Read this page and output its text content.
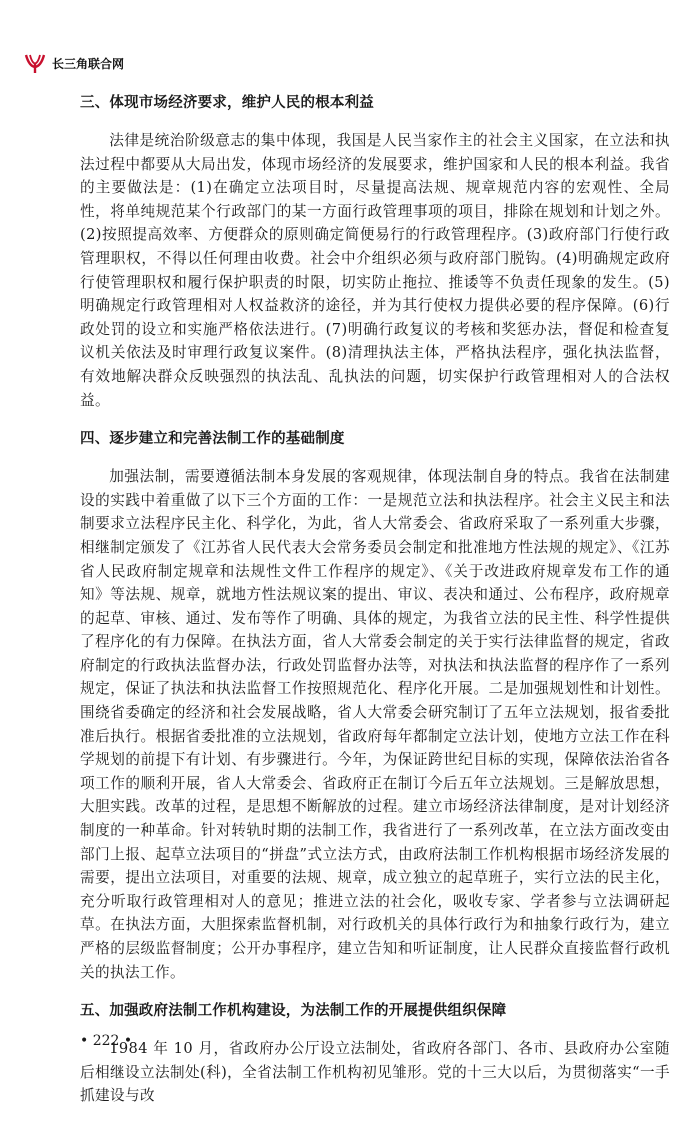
长三角联合网
三、体现市场经济要求，维护人民的根本利益

法律是统治阶级意志的集中体现，我国是人民当家作主的社会主义国家，在立法和执法过程中都要从大局出发，体现市场经济的发展要求，维护国家和人民的根本利益。我省的主要做法是：(1)在确定立法项目时，尽量提高法规、规章规范内容的宏观性、全局性，将单纯规范某个行政部门的某一方面行政管理事项的项目，排除在规划和计划之外。(2)按照提高效率、方便群众的原则确定简便易行的行政管理程序。(3)政府部门行使行政管理职权，不得以任何理由收费。社会中介组织必须与政府部门脱钩。(4)明确规定政府行使管理职权和履行保护职责的时限，切实防止拖拉、推诿等不负责任现象的发生。(5)明确规定行政管理相对人权益救济的途径，并为其行使权力提供必要的程序保障。(6)行政处罚的设立和实施严格依法进行。(7)明确行政复议的考核和奖惩办法，督促和检查复议机关依法及时审理行政复议案件。(8)清理执法主体，严格执法程序，强化执法监督，有效地解决群众反映强烈的执法乱、乱执法的问题，切实保护行政管理相对人的合法权益。

四、逐步建立和完善法制工作的基础制度

加强法制，需要遵循法制本身发展的客观规律，体现法制自身的特点。我省在法制建设的实践中着重做了以下三个方面的工作：一是规范立法和执法程序。社会主义民主和法制要求立法程序民主化、科学化，为此，省人大常委会、省政府采取了一系列重大步骤，相继制定颁发了《江苏省人民代表大会常务委员会制定和批准地方性法规的规定》、《江苏省人民政府制定规章和法规性文件工作程序的规定》、《关于改进政府规章发布工作的通知》等法规、规章，就地方性法规议案的提出、审议、表决和通过、公布程序，政府规章的起草、审核、通过、发布等作了明确、具体的规定，为我省立法的民主性、科学性提供了程序化的有力保障。在执法方面，省人大常委会制定的关于实行法律监督的规定，省政府制定的行政执法监督办法，行政处罚监督办法等，对执法和执法监督的程序作了一系列规定，保证了执法和执法监督工作按照规范化、程序化开展。二是加强规划性和计划性。围绕省委确定的经济和社会发展战略，省人大常委会研究制订了五年立法规划，报省委批准后执行。根据省委批准的立法规划，省政府每年都制定立法计划，使地方立法工作在科学规划的前提下有计划、有步骤进行。今年，为保证跨世纪目标的实现，保障依法治省各项工作的顺利开展，省人大常委会、省政府正在制订今后五年立法规划。三是解放思想，大胆实践。改革的过程，是思想不断解放的过程。建立市场经济法律制度，是对计划经济制度的一种革命。针对转轨时期的法制工作，我省进行了一系列改革，在立法方面改变由部门上报、起草立法项目的“拼盘”式立法方式，由政府法制工作机构根据市场经济发展的需要，提出立法项目，对重要的法规、规章，成立独立的起草班子，实行立法的民主化，充分听取行政管理相对人的意见；推进立法的社会化，吸收专家、学者参与立法调研起草。在执法方面，大胆探索监督机制，对行政机关的具体行政行为和抽象行政行为，建立严格的层级监督制度；公开办事程序，建立告知和听证制度，让人民群众直接监督行政机关的执法工作。

五、加强政府法制工作机构建设，为法制工作的开展提供组织保障

1984 年 10 月，省政府办公厅设立法制处，省政府各部门、各市、县政府办公室随后相继设立法制处(科)，全省法制工作机构初见雏形。党的十三大以后，为贯彻落实“一手抓建设与改

• 222 •
